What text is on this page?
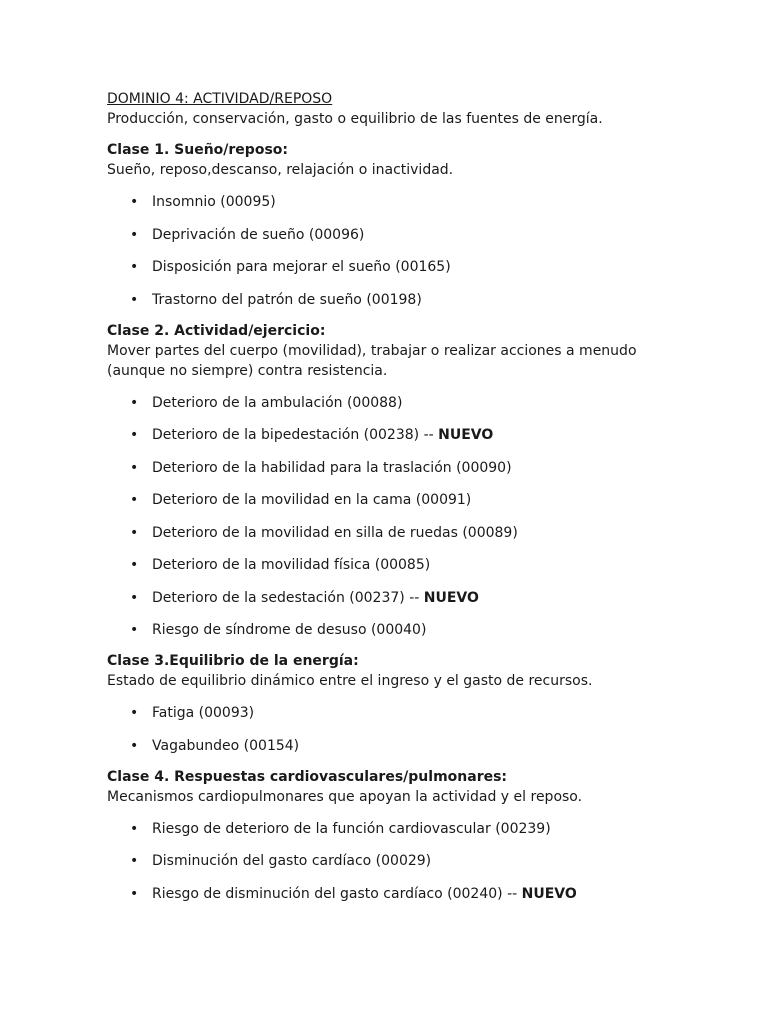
DOMINIO 4: ACTIVIDAD/REPOSO
Producción, conservación, gasto o equilibrio de las fuentes de energía.
Clase 1. Sueño/reposo:
Sueño, reposo,descanso, relajación o inactividad.
• Insomnio (00095)
• Deprivación de sueño (00096)
• Disposición para mejorar el sueño (00165)
• Trastorno del patrón de sueño (00198)
Clase 2. Actividad/ejercicio:
Mover partes del cuerpo (movilidad), trabajar o realizar acciones a menudo (aunque no siempre) contra resistencia.
• Deterioro de la ambulación (00088)
• Deterioro de la bipedestación (00238) -- NUEVO
• Deterioro de la habilidad para la traslación (00090)
• Deterioro de la movilidad en la cama (00091)
• Deterioro de la movilidad en silla de ruedas (00089)
• Deterioro de la movilidad física (00085)
• Deterioro de la sedestación (00237) -- NUEVO
• Riesgo de síndrome de desuso (00040)
Clase 3.Equilibrio de la energía:
Estado de equilibrio dinámico entre el ingreso y el gasto de recursos.
• Fatiga (00093)
• Vagabundeo (00154)
Clase 4. Respuestas cardiovasculares/pulmonares:
Mecanismos cardiopulmonares que apoyan la actividad y el reposo.
• Riesgo de deterioro de la función cardiovascular (00239)
• Disminución del gasto cardíaco (00029)
• Riesgo de disminución del gasto cardíaco (00240) -- NUEVO
